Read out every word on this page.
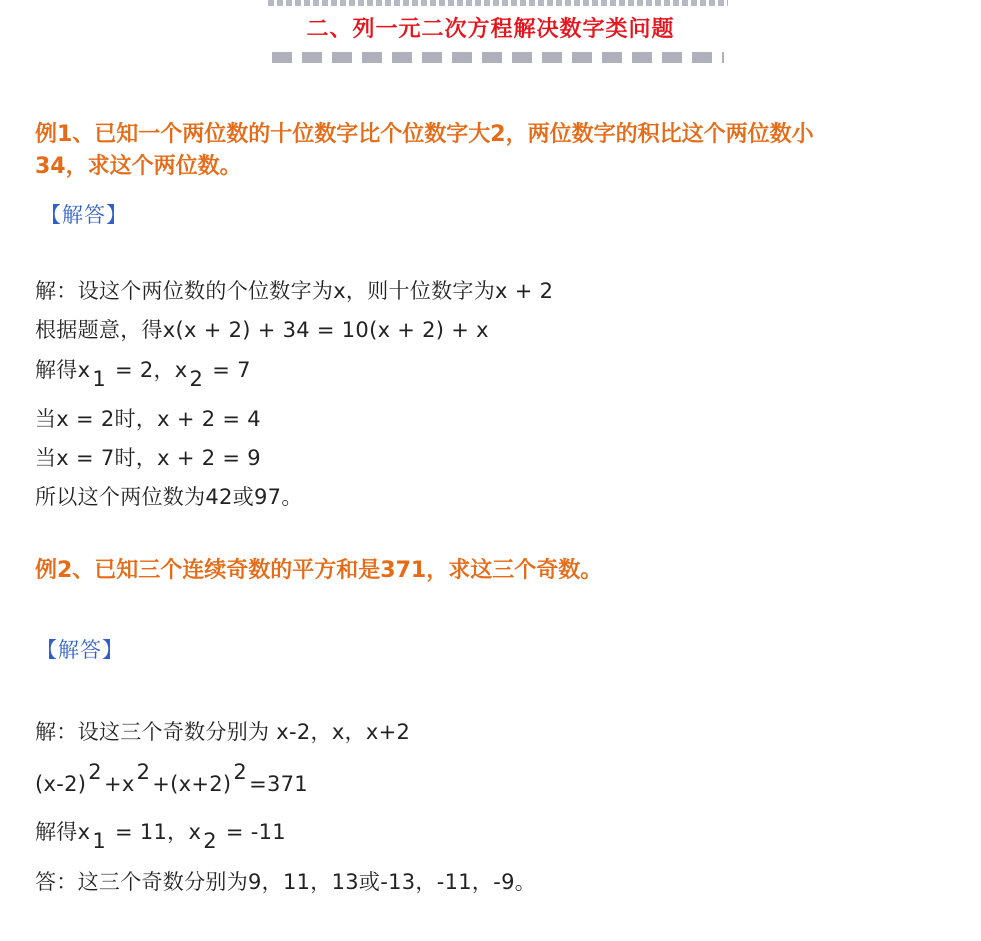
二、列一元二次方程解决数字类问题
例1、已知一个两位数的十位数字比个位数字大2，两位数字的积比这个两位数小
34，求这个两位数。
【解答】
解：设这个两位数的个位数字为x，则十位数字为x + 2
根据题意，得x(x + 2) + 34 = 10(x + 2) + x
解得x1 = 2，x2 = 7
当x = 2时，x + 2 = 4
当x = 7时，x + 2 = 9
所以这个两位数为42或97。
例2、已知三个连续奇数的平方和是371，求这三个奇数。
【解答】
解：设这三个奇数分别为 x-2，x，x+2
(x-2)2+x2+(x+2)2=371
解得x1 = 11，x2 = -11
答：这三个奇数分别为9，11，13或-13，-11，-9。
